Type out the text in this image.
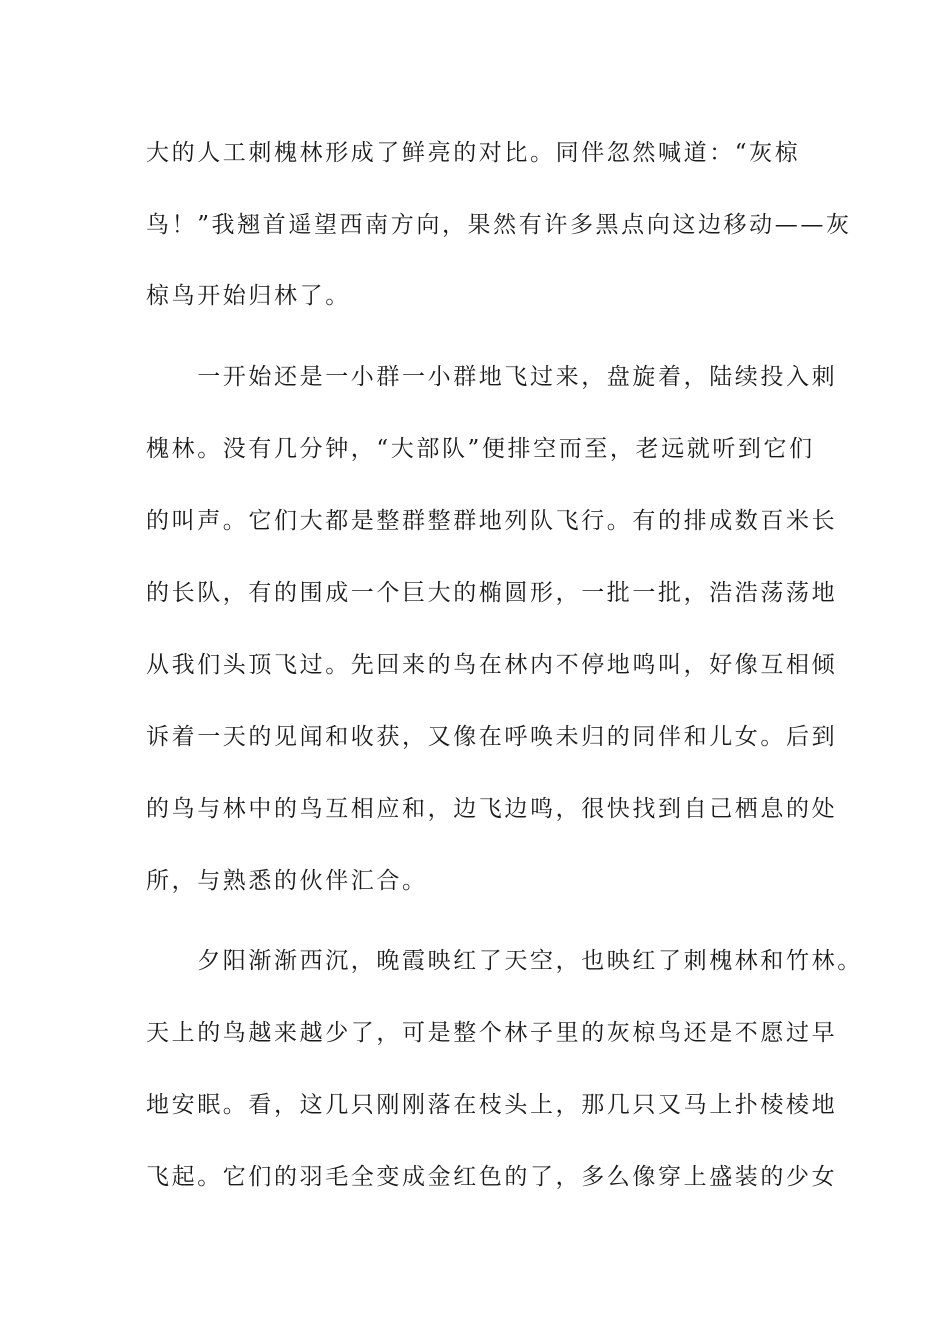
大的人工刺槐林形成了鲜亮的对比。同伴忽然喊道：“灰椋
鸟！”我翘首遥望西南方向，果然有许多黑点向这边移动——灰
椋鸟开始归林了。
　　一开始还是一小群一小群地飞过来，盘旋着，陆续投入刺
槐林。没有几分钟，“大部队”便排空而至，老远就听到它们
的叫声。它们大都是整群整群地列队飞行。有的排成数百米长
的长队，有的围成一个巨大的椭圆形，一批一批，浩浩荡荡地
从我们头顶飞过。先回来的鸟在林内不停地鸣叫，好像互相倾
诉着一天的见闻和收获，又像在呼唤未归的同伴和儿女。后到
的鸟与林中的鸟互相应和，边飞边鸣，很快找到自己栖息的处
所，与熟悉的伙伴汇合。
　　夕阳渐渐西沉，晚霞映红了天空，也映红了刺槐林和竹林。
天上的鸟越来越少了，可是整个林子里的灰椋鸟还是不愿过早
地安眠。看，这几只刚刚落在枝头上，那几只又马上扑棱棱地
飞起。它们的羽毛全变成金红色的了，多么像穿上盛装的少女
